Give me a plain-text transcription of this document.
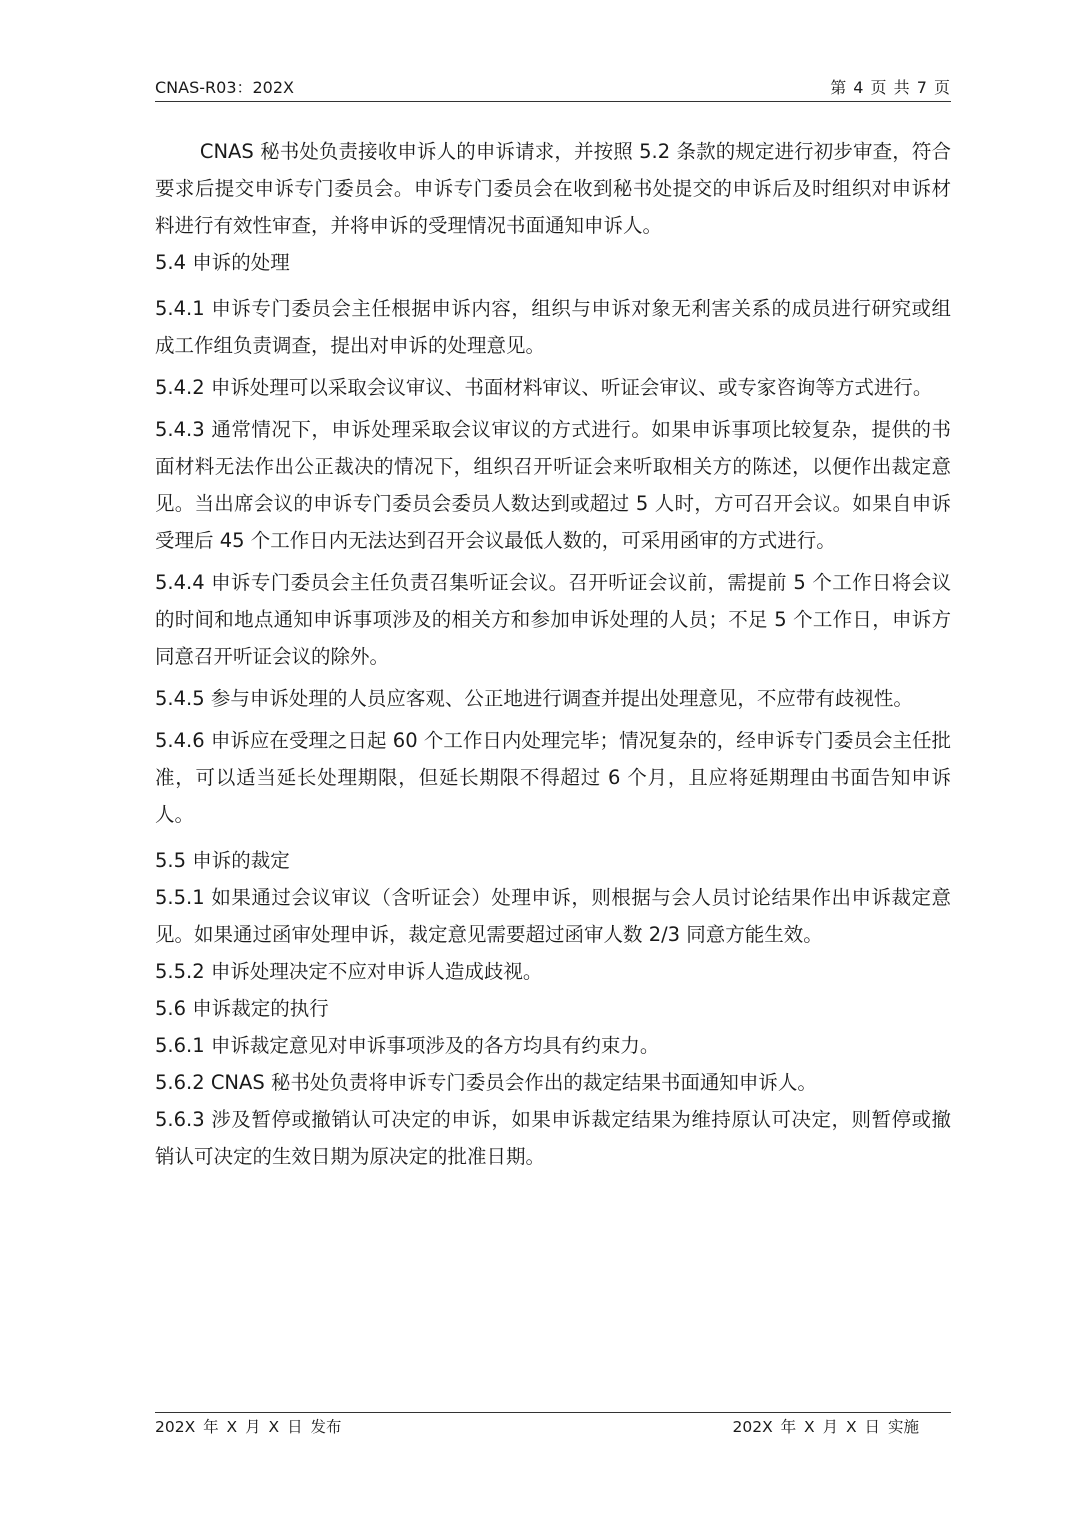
CNAS-R03：202X	第 4 页 共 7 页

CNAS 秘书处负责接收申诉人的申诉请求，并按照 5.2 条款的规定进行初步审查，符合要求后提交申诉专门委员会。申诉专门委员会在收到秘书处提交的申诉后及时组织对申诉材料进行有效性审查，并将申诉的受理情况书面通知申诉人。

5.4 申诉的处理

5.4.1 申诉专门委员会主任根据申诉内容，组织与申诉对象无利害关系的成员进行研究或组成工作组负责调查，提出对申诉的处理意见。

5.4.2 申诉处理可以采取会议审议、书面材料审议、听证会审议、或专家咨询等方式进行。

5.4.3 通常情况下，申诉处理采取会议审议的方式进行。如果申诉事项比较复杂，提供的书面材料无法作出公正裁决的情况下，组织召开听证会来听取相关方的陈述，以便作出裁定意见。当出席会议的申诉专门委员会委员人数达到或超过 5 人时，方可召开会议。如果自申诉受理后 45 个工作日内无法达到召开会议最低人数的，可采用函审的方式进行。

5.4.4 申诉专门委员会主任负责召集听证会议。召开听证会议前，需提前 5 个工作日将会议的时间和地点通知申诉事项涉及的相关方和参加申诉处理的人员；不足 5 个工作日，申诉方同意召开听证会议的除外。

5.4.5 参与申诉处理的人员应客观、公正地进行调查并提出处理意见，不应带有歧视性。

5.4.6 申诉应在受理之日起 60 个工作日内处理完毕；情况复杂的，经申诉专门委员会主任批准，可以适当延长处理期限，但延长期限不得超过 6 个月，且应将延期理由书面告知申诉人。

5.5 申诉的裁定

5.5.1 如果通过会议审议（含听证会）处理申诉，则根据与会人员讨论结果作出申诉裁定意见。如果通过函审处理申诉，裁定意见需要超过函审人数 2/3 同意方能生效。

5.5.2 申诉处理决定不应对申诉人造成歧视。

5.6 申诉裁定的执行

5.6.1 申诉裁定意见对申诉事项涉及的各方均具有约束力。

5.6.2 CNAS 秘书处负责将申诉专门委员会作出的裁定结果书面通知申诉人。

5.6.3 涉及暂停或撤销认可决定的申诉，如果申诉裁定结果为维持原认可决定，则暂停或撤销认可决定的生效日期为原决定的批准日期。

202X 年 X 月 X 日 发布	202X 年 X 月 X 日 实施
